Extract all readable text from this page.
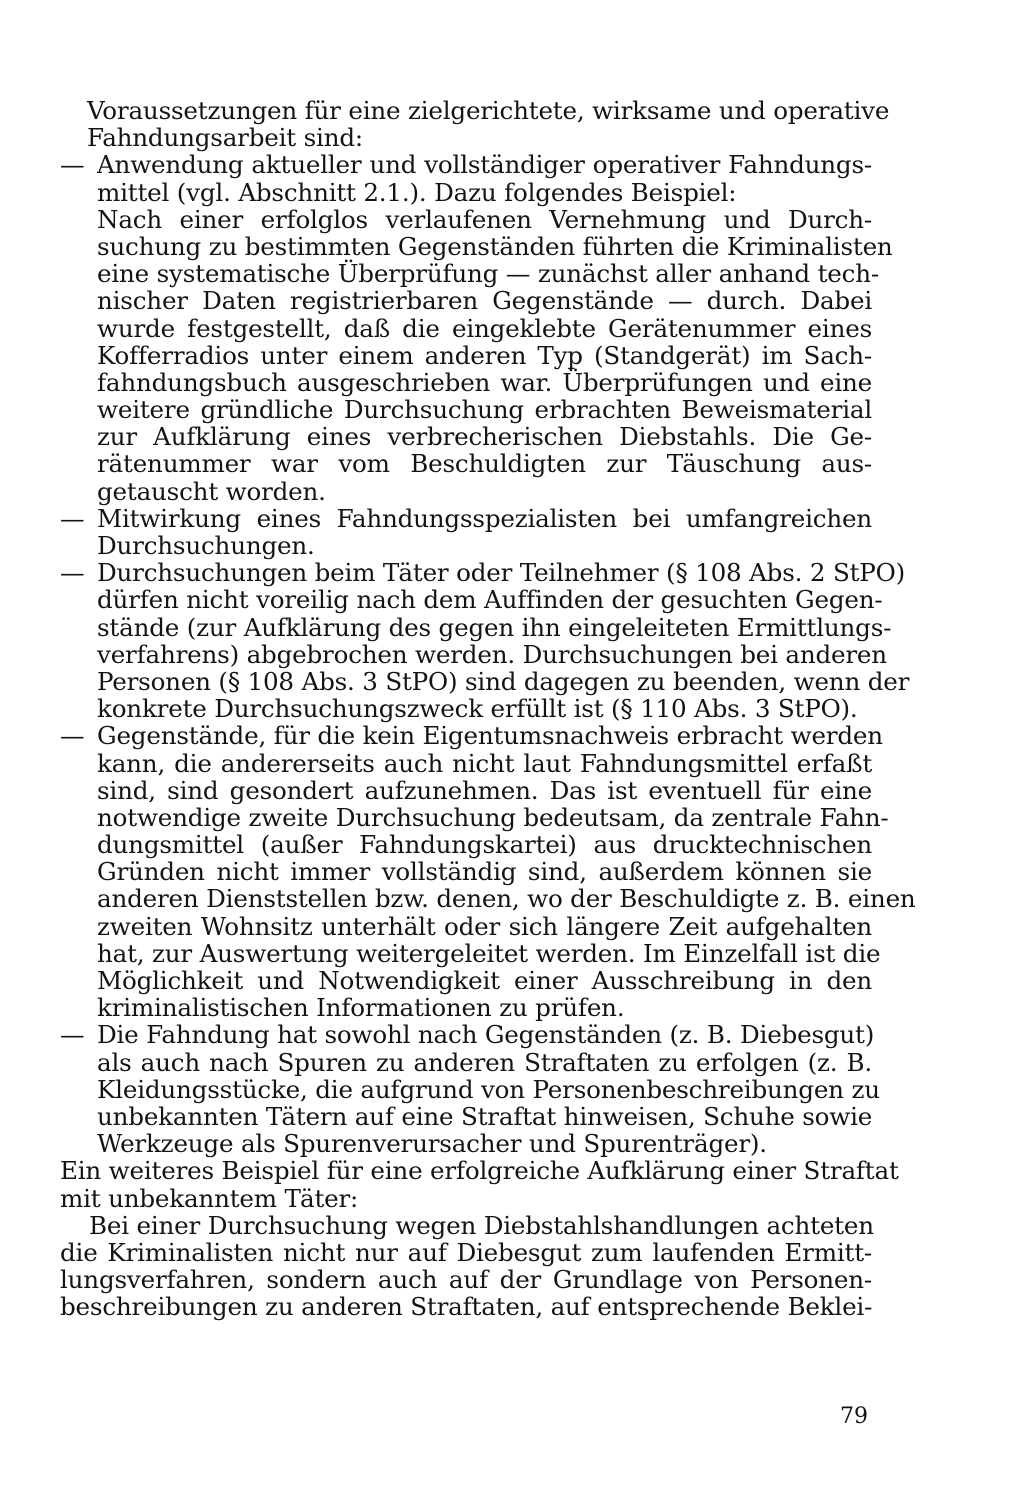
Voraussetzungen für eine zielgerichtete, wirksame und operative
Fahndungsarbeit sind:
— Anwendung aktueller und vollständiger operativer Fahndungs-
mittel (vgl. Abschnitt 2.1.). Dazu folgendes Beispiel:
Nach einer erfolglos verlaufenen Vernehmung und Durch-
suchung zu bestimmten Gegenständen führten die Kriminalisten
eine systematische Überprüfung — zunächst aller anhand tech-
nischer Daten registrierbaren Gegenstände — durch. Dabei
wurde festgestellt, daß die eingeklebte Gerätenummer eines
Kofferradios unter einem anderen Typ (Standgerät) im Sach-
fahndungsbuch ausgeschrieben war. Überprüfungen und eine
weitere gründliche Durchsuchung erbrachten Beweismaterial
zur Aufklärung eines verbrecherischen Diebstahls. Die Ge-
rätenummer war vom Beschuldigten zur Täuschung aus-
getauscht worden.
— Mitwirkung eines Fahndungsspezialisten bei umfangreichen
Durchsuchungen.
— Durchsuchungen beim Täter oder Teilnehmer (§ 108 Abs. 2 StPO)
dürfen nicht voreilig nach dem Auffinden der gesuchten Gegen-
stände (zur Aufklärung des gegen ihn eingeleiteten Ermittlungs-
verfahrens) abgebrochen werden. Durchsuchungen bei anderen
Personen (§ 108 Abs. 3 StPO) sind dagegen zu beenden, wenn der
konkrete Durchsuchungszweck erfüllt ist (§ 110 Abs. 3 StPO).
— Gegenstände, für die kein Eigentumsnachweis erbracht werden
kann, die andererseits auch nicht laut Fahndungsmittel erfaßt
sind, sind gesondert aufzunehmen. Das ist eventuell für eine
notwendige zweite Durchsuchung bedeutsam, da zentrale Fahn-
dungsmittel (außer Fahndungskartei) aus drucktechnischen
Gründen nicht immer vollständig sind, außerdem können sie
anderen Dienststellen bzw. denen, wo der Beschuldigte z. B. einen
zweiten Wohnsitz unterhält oder sich längere Zeit aufgehalten
hat, zur Auswertung weitergeleitet werden. Im Einzelfall ist die
Möglichkeit und Notwendigkeit einer Ausschreibung in den
kriminalistischen Informationen zu prüfen.
— Die Fahndung hat sowohl nach Gegenständen (z. B. Diebesgut)
als auch nach Spuren zu anderen Straftaten zu erfolgen (z. B.
Kleidungsstücke, die aufgrund von Personenbeschreibungen zu
unbekannten Tätern auf eine Straftat hinweisen, Schuhe sowie
Werkzeuge als Spurenverursacher und Spurenträger).
Ein weiteres Beispiel für eine erfolgreiche Aufklärung einer Straftat
mit unbekanntem Täter:
Bei einer Durchsuchung wegen Diebstahlshandlungen achteten
die Kriminalisten nicht nur auf Diebesgut zum laufenden Ermitt-
lungsverfahren, sondern auch auf der Grundlage von Personen-
beschreibungen zu anderen Straftaten, auf entsprechende Beklei-
79
